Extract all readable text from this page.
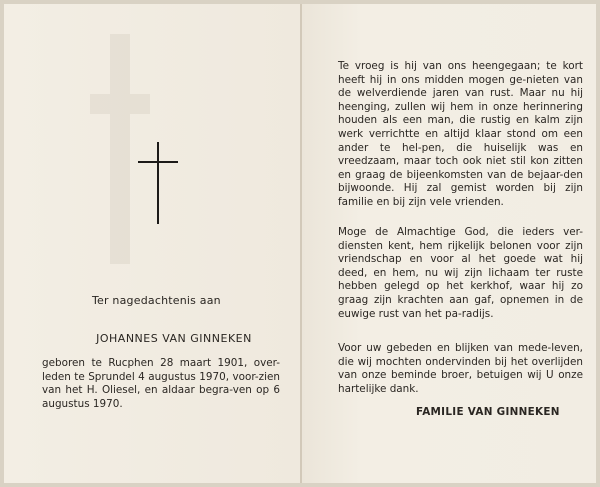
Ter nagedachtenis aan
JOHANNES VAN GINNEKEN
geboren te Rucphen 28 maart 1901, over-leden te Sprundel 4 augustus 1970, voor-zien van het H. Oliesel, en aldaar begra-ven op 6 augustus 1970.

Te vroeg is hij van ons heengegaan; te kort heeft hij in ons midden mogen ge-nieten van de welverdiende jaren van rust. Maar nu hij heenging, zullen wij hem in onze herinnering houden als een man, die rustig en kalm zijn werk verrichtte en altijd klaar stond om een ander te hel-pen, die huiselijk was en vreedzaam, maar toch ook niet stil kon zitten en graag de bijeenkomsten van de bejaar-den bijwoonde. Hij zal gemist worden bij zijn familie en bij zijn vele vrienden.

Moge de Almachtige God, die ieders ver-diensten kent, hem rijkelijk belonen voor zijn vriendschap en voor al het goede wat hij deed, en hem, nu wij zijn lichaam ter ruste hebben gelegd op het kerkhof, waar hij zo graag zijn krachten aan gaf, opnemen in de euwige rust van het pa-radijs.

Voor uw gebeden en blijken van mede-leven, die wij mochten ondervinden bij het overlijden van onze beminde broer, betuigen wij U onze hartelijke dank.

FAMILIE VAN GINNEKEN
